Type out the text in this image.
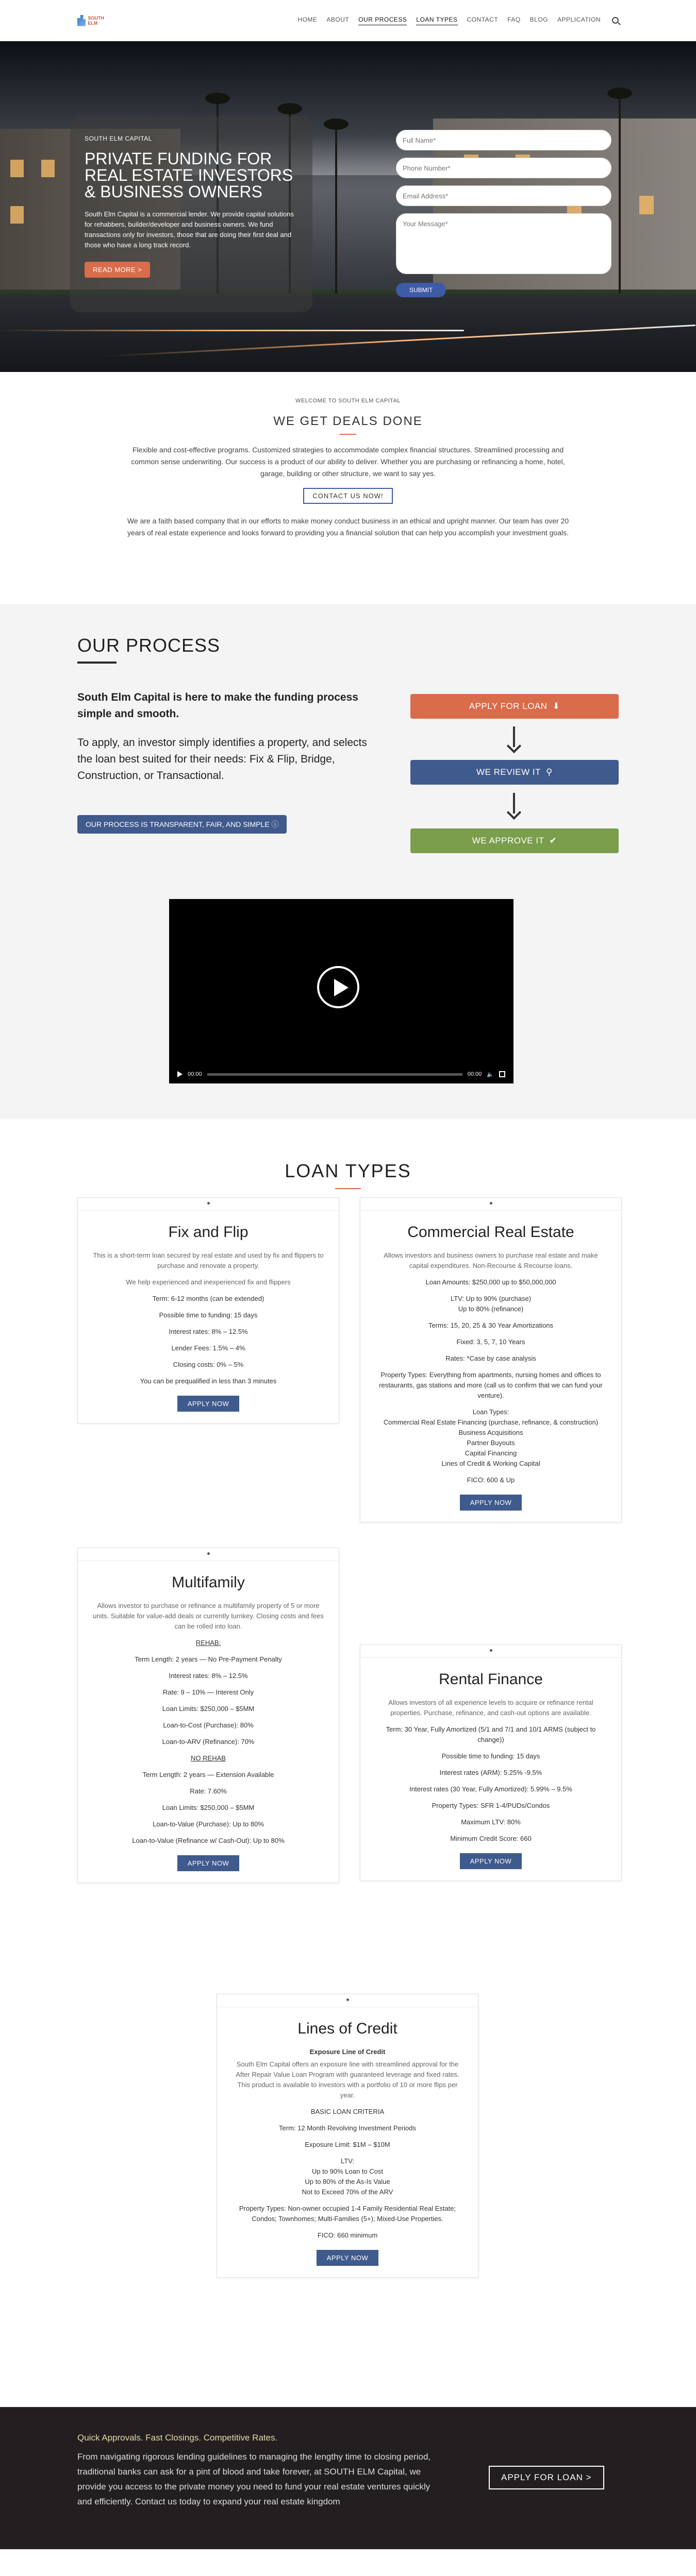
SOUTH ELM	HOME ABOUT OUR PROCESS LOAN TYPES CONTACT FAQ BLOG APPLICATION
SOUTH ELM CAPITAL
PRIVATE FUNDING FOR REAL ESTATE INVESTORS & BUSINESS OWNERS

South Elm Capital is a commercial lender. We provide capital solutions for rehabbers, builder/developer and business owners. We fund transactions only for investors, those that are doing their first deal and those who have a long track record.

READ MORE >
Full Name* Phone Number* Email Address* Your Message* SUBMIT
WELCOME TO SOUTH ELM CAPITAL
WE GET DEALS DONE

Flexible and cost-effective programs. Customized strategies to accommodate complex financial structures. Streamlined processing and common sense underwriting. Our success is a product of our ability to deliver. Whether you are purchasing or refinancing a home, hotel, garage, building or other structure, we want to say yes.

CONTACT US NOW!

We are a faith based company that in our efforts to make money conduct business in an ethical and upright manner. Our team has over 20 years of real estate experience and looks forward to providing you a financial solution that can help you accomplish your investment goals.

OUR PROCESS

South Elm Capital is here to make the funding process simple and smooth.

To apply, an investor simply identifies a property, and selects the loan best suited for their needs: Fix & Flip, Bridge, Construction, or Transactional.

OUR PROCESS IS TRANSPARENT, FAIR, AND SIMPLE ⓘ
APPLY FOR LOAN ⬇
WE REVIEW IT ⚲
WE APPROVE IT ✔
00:00	00:00 🔈
LOAN TYPES
Fix and Flip

This is a short-term loan secured by real estate and used by fix and flippers to purchase and renovate a property.

We help experienced and inexperienced fix and flippers

Term: 6-12 months (can be extended)

Possible time to funding: 15 days

Interest rates: 8% – 12.5%

Lender Fees: 1.5% – 4%

Closing costs: 0% – 5%

You can be prequalified in less than 3 minutes

APPLY NOW
Multifamily

Allows investor to purchase or refinance a multifamily property of 5 or more units. Suitable for value-add deals or currently turnkey. Closing costs and fees can be rolled into loan.

REHAB:

Term Length: 2 years — No Pre-Payment Penalty

Interest rates: 8% – 12.5%

Rate: 9 – 10% — Interest Only

Loan Limits: $250,000 – $5MM

Loan-to-Cost (Purchase): 80%

Loan-to-ARV (Refinance): 70%

NO REHAB

Term Length: 2 years — Extension Available

Rate: 7.60%

Loan Limits: $250,000 – $5MM

Loan-to-Value (Purchase): Up to 80%

Loan-to-Value (Refinance w/ Cash-Out): Up to 80%

APPLY NOW
Commercial Real Estate

Allows investors and business owners to purchase real estate and make capital expenditures. Non-Recourse & Recourse loans.

Loan Amounts: $250,000 up to $50,000,000

LTV: Up to 90% (purchase)

Up to 80% (refinance)

Terms: 15, 20, 25 & 30 Year Amortizations

Fixed: 3, 5, 7, 10 Years

Rates: *Case by case analysis

Property Types: Everything from apartments, nursing homes and offices to restaurants, gas stations and more (call us to confirm that we can fund your venture).

Loan Types:

Commercial Real Estate Financing (purchase, refinance, & construction)

Business Acquisitions

Partner Buyouts

Capital Financing

Lines of Credit & Working Capital

FICO: 600 & Up

APPLY NOW
Rental Finance

Allows investors of all experience levels to acquire or refinance rental properties. Purchase, refinance, and cash-out options are available.

Term: 30 Year, Fully Amortized (5/1 and 7/1 and 10/1 ARMS (subject to change))

Possible time to funding: 15 days

Interest rates (ARM): 5.25% -9.5%

Interest rates (30 Year, Fully Amortized): 5.99% – 9.5%

Property Types: SFR 1-4/PUDs/Condos

Maximum LTV: 80%

Minimum Credit Score: 660

APPLY NOW
Lines of Credit

Exposure Line of Credit

South Elm Capital offers an exposure line with streamlined approval for the After Repair Value Loan Program with guaranteed leverage and fixed rates. This product is available to investors with a portfolio of 10 or more flips per year.

BASIC LOAN CRITERIA

Term: 12 Month Revolving Investment Periods

Exposure Limit: $1M – $10M

LTV:

Up to 90% Loan to Cost

Up to 80% of the As-Is Value

Not to Exceed 70% of the ARV

Property Types: Non-owner occupied 1-4 Family Residential Real Estate; Condos; Townhomes; Multi-Families (5+); Mixed-Use Properties.

FICO: 660 minimum

APPLY NOW
Quick Approvals. Fast Closings. Competitive Rates.

From navigating rigorous lending guidelines to managing the lengthy time to closing period, traditional banks can ask for a pint of blood and take forever, at SOUTH ELM Capital, we provide you access to the private money you need to fund your real estate ventures quickly and efficiently. Contact us today to expand your real estate kingdom

APPLY FOR LOAN >
